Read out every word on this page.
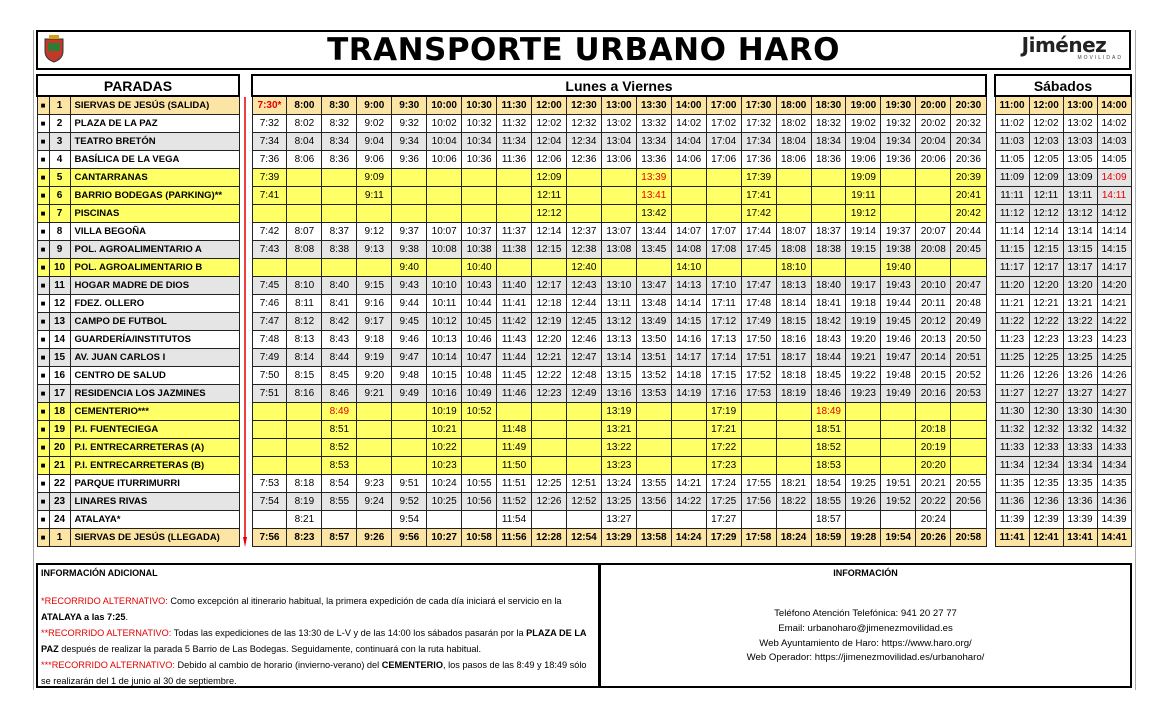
TRANSPORTE URBANO HARO	Jiménez
MOVILIDAD
PARADAS		
■	1	SIERVAS DE JESÚS (SALIDA)
■	2	PLAZA DE LA PAZ
■	3	TEATRO BRETÓN
■	4	BASÍLICA DE LA VEGA
■	5	CANTARRANAS
■	6	BARRIO BODEGAS (PARKING)**
■	7	PISCINAS
■	8	VILLA BEGOÑA
■	9	POL. AGROALIMENTARIO A
■	10	POL. AGROALIMENTARIO B
■	11	HOGAR MADRE DE DIOS
■	12	FDEZ. OLLERO
■	13	CAMPO DE FUTBOL
■	14	GUARDERÍA/INSTITUTOS
■	15	AV. JUAN CARLOS I
■	16	CENTRO DE SALUD
■	17	RESIDENCIA LOS JAZMINES
■	18	CEMENTERIO***
■	19	P.I. FUENTECIEGA
■	20	P.I. ENTRECARRETERAS (A)
■	21	P.I. ENTRECARRETERAS (B)
■	22	PARQUE ITURRIMURRI
■	23	LINARES RIVAS
■	24	ATALAYA*
■	1	SIERVAS DE JESÚS (LLEGADA)
Lunes a Viernes																				
7:30*	8:00	8:30	9:00	9:30	10:00	10:30	11:30	12:00	12:30	13:00	13:30	14:00	17:00	17:30	18:00	18:30	19:00	19:30	20:00	20:30
7:32	8:02	8:32	9:02	9:32	10:02	10:32	11:32	12:02	12:32	13:02	13:32	14:02	17:02	17:32	18:02	18:32	19:02	19:32	20:02	20:32
7:34	8:04	8:34	9:04	9:34	10:04	10:34	11:34	12:04	12:34	13:04	13:34	14:04	17:04	17:34	18:04	18:34	19:04	19:34	20:04	20:34
7:36	8:06	8:36	9:06	9:36	10:06	10:36	11:36	12:06	12:36	13:06	13:36	14:06	17:06	17:36	18:06	18:36	19:06	19:36	20:06	20:36
7:39			9:09					12:09			13:39			17:39			19:09			20:39
7:41			9:11					12:11			13:41			17:41			19:11			20:41
								12:12			13:42			17:42			19:12			20:42
7:42	8:07	8:37	9:12	9:37	10:07	10:37	11:37	12:14	12:37	13:07	13:44	14:07	17:07	17:44	18:07	18:37	19:14	19:37	20:07	20:44
7:43	8:08	8:38	9:13	9:38	10:08	10:38	11:38	12:15	12:38	13:08	13:45	14:08	17:08	17:45	18:08	18:38	19:15	19:38	20:08	20:45
				9:40		10:40			12:40			14:10			18:10			19:40		
7:45	8:10	8:40	9:15	9:43	10:10	10:43	11:40	12:17	12:43	13:10	13:47	14:13	17:10	17:47	18:13	18:40	19:17	19:43	20:10	20:47
7:46	8:11	8:41	9:16	9:44	10:11	10:44	11:41	12:18	12:44	13:11	13:48	14:14	17:11	17:48	18:14	18:41	19:18	19:44	20:11	20:48
7:47	8:12	8:42	9:17	9:45	10:12	10:45	11:42	12:19	12:45	13:12	13:49	14:15	17:12	17:49	18:15	18:42	19:19	19:45	20:12	20:49
7:48	8:13	8:43	9:18	9:46	10:13	10:46	11:43	12:20	12:46	13:13	13:50	14:16	17:13	17:50	18:16	18:43	19:20	19:46	20:13	20:50
7:49	8:14	8:44	9:19	9:47	10:14	10:47	11:44	12:21	12:47	13:14	13:51	14:17	17:14	17:51	18:17	18:44	19:21	19:47	20:14	20:51
7:50	8:15	8:45	9:20	9:48	10:15	10:48	11:45	12:22	12:48	13:15	13:52	14:18	17:15	17:52	18:18	18:45	19:22	19:48	20:15	20:52
7:51	8:16	8:46	9:21	9:49	10:16	10:49	11:46	12:23	12:49	13:16	13:53	14:19	17:16	17:53	18:19	18:46	19:23	19:49	20:16	20:53
		8:49			10:19	10:52				13:19			17:19			18:49				
		8:51			10:21		11:48			13:21			17:21			18:51			20:18	
		8:52			10:22		11:49			13:22			17:22			18:52			20:19	
		8:53			10:23		11:50			13:23			17:23			18:53			20:20	
7:53	8:18	8:54	9:23	9:51	10:24	10:55	11:51	12:25	12:51	13:24	13:55	14:21	17:24	17:55	18:21	18:54	19:25	19:51	20:21	20:55
7:54	8:19	8:55	9:24	9:52	10:25	10:56	11:52	12:26	12:52	13:25	13:56	14:22	17:25	17:56	18:22	18:55	19:26	19:52	20:22	20:56
	8:21			9:54			11:54			13:27			17:27			18:57			20:24	
7:56	8:23	8:57	9:26	9:56	10:27	10:58	11:56	12:28	12:54	13:29	13:58	14:24	17:29	17:58	18:24	18:59	19:28	19:54	20:26	20:58
Sábados			
11:00	12:00	13:00	14:00
11:02	12:02	13:02	14:02
11:03	12:03	13:03	14:03
11:05	12:05	13:05	14:05
11:09	12:09	13:09	14:09
11:11	12:11	13:11	14:11
11:12	12:12	13:12	14:12
11:14	12:14	13:14	14:14
11:15	12:15	13:15	14:15
11:17	12:17	13:17	14:17
11:20	12:20	13:20	14:20
11:21	12:21	13:21	14:21
11:22	12:22	13:22	14:22
11:23	12:23	13:23	14:23
11:25	12:25	13:25	14:25
11:26	12:26	13:26	14:26
11:27	12:27	13:27	14:27
11:30	12:30	13:30	14:30
11:32	12:32	13:32	14:32
11:33	12:33	13:33	14:33
11:34	12:34	13:34	14:34
11:35	12:35	13:35	14:35
11:36	12:36	13:36	14:36
11:39	12:39	13:39	14:39
11:41	12:41	13:41	14:41
INFORMACIÓN ADICIONAL
*RECORRIDO ALTERNATIVO: Como excepción al itinerario habitual, la primera expedición de cada día iniciará el servicio en la ATALAYA a las 7:25.
**RECORRIDO ALTERNATIVO: Todas las expediciones de las 13:30 de L-V y de las 14:00 los sábados pasarán por la PLAZA DE LA PAZ después de realizar la parada 5 Barrio de Las Bodegas. Seguidamente, continuará con la ruta habitual.
***RECORRIDO ALTERNATIVO: Debido al cambio de horario (invierno-verano) del CEMENTERIO, los pasos de las 8:49 y 18:49 sólo se realizarán del 1 de junio al 30 de septiembre.
INFORMACIÓN
Teléfono Atención Telefónica: 941 20 27 77
Email: urbanoharo@jimenezmovilidad.es
Web Ayuntamiento de Haro: https://www.haro.org/
Web Operador: https://jimenezmovilidad.es/urbanoharo/
